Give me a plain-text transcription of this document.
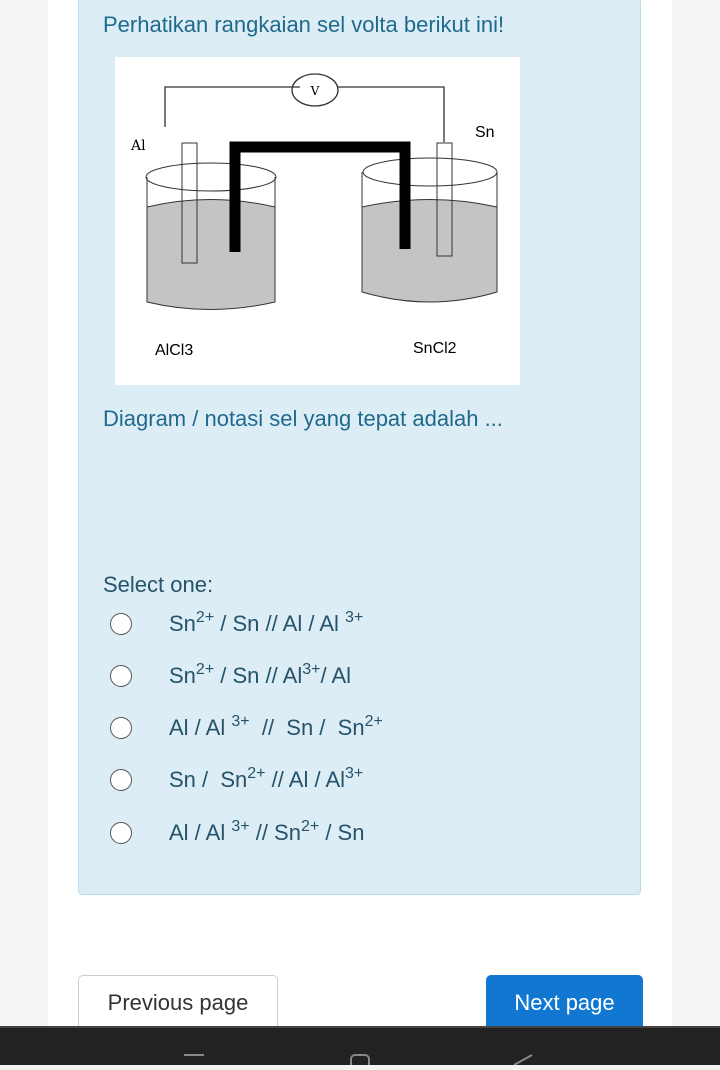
Perhatikan rangkaian sel volta berikut ini!
V
Al
Sn
AlCl3	SnCl2
Diagram / notasi sel yang tepat adalah ...
Select one:
$Sn^{2+}$ / Sn // Al / Al $^{3+}$
$Sn^{2+}$ / Sn // $Al^{3+}/$ Al
Al / Al $^{3+}$  //  Sn /  $Sn^{2+}$
Sn /  $Sn^{2+}$ // Al / $Al^{3+}$
Al / Al $^{3+} // Sn^{2+}$ / Sn
Previous page	Next page
